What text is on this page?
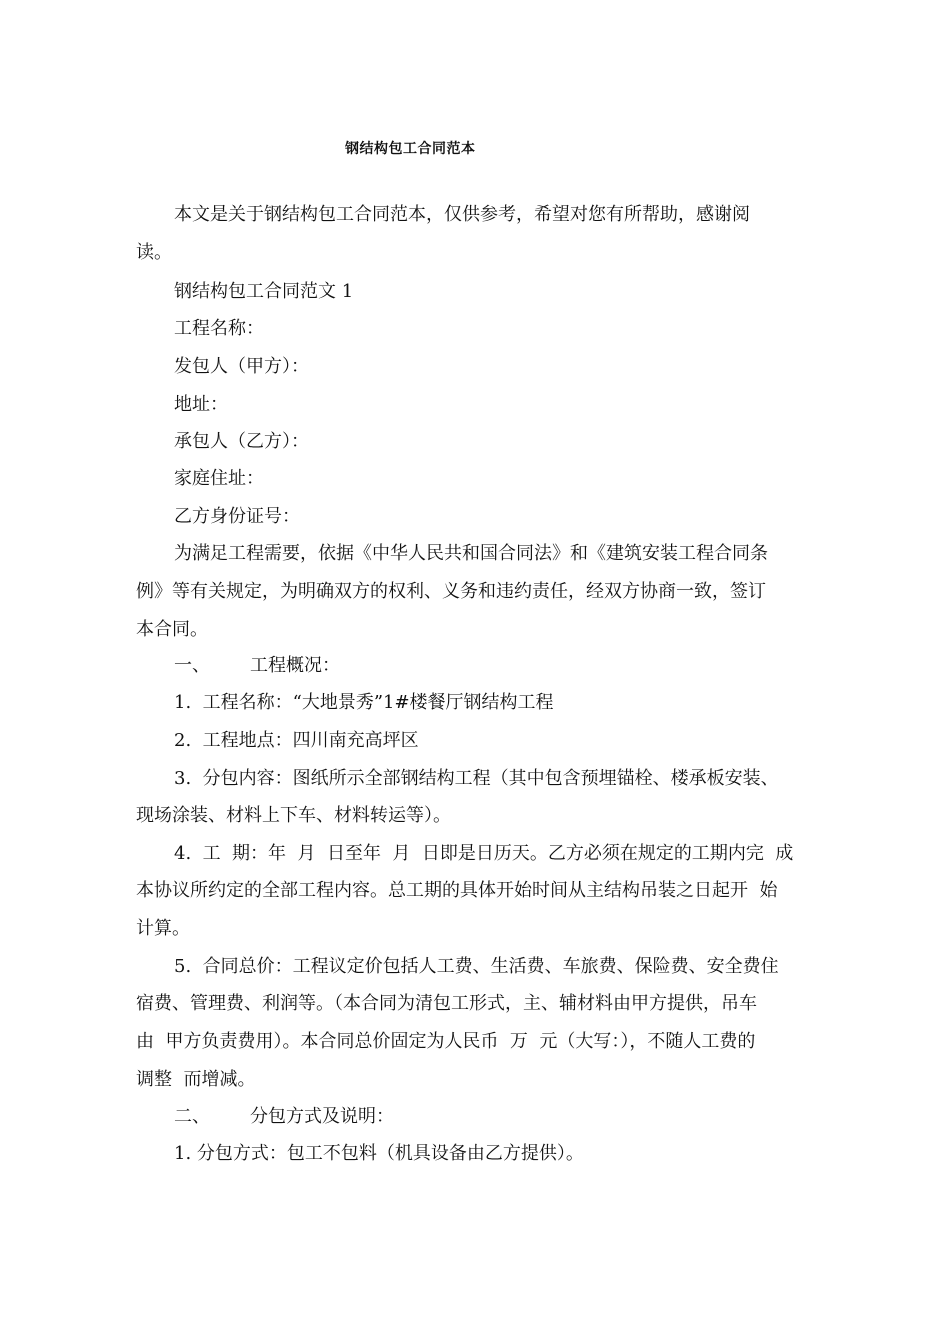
钢结构包工合同范本
本文是关于钢结构包工合同范本，仅供参考，希望对您有所帮助，感谢阅
读。
钢结构包工合同范文 1
工程名称：
发包人（甲方）：
地址：
承包人（乙方）：
家庭住址：
乙方身份证号：
为满足工程需要，依据《中华人民共和国合同法》和《建筑安装工程合同条
例》等有关规定，为明确双方的权利、义务和违约责任，经双方协商一致，签订
本合同。
一、 工程概况：
1.  工程名称：“大地景秀”1#楼餐厅钢结构工程
2.  工程地点：四川南充高坪区
3.  分包内容：图纸所示全部钢结构工程（其中包含预埋锚栓、楼承板安装、
现场涂装、材料上下车、材料转运等）。
4.  工  期：年  月  日至年  月  日即是日历天。乙方必须在规定的工期内完  成
本协议所约定的全部工程内容。总工期的具体开始时间从主结构吊装之日起开  始
计算。
5.  合同总价：工程议定价包括人工费、生活费、车旅费、保险费、安全费住
宿费、管理费、利润等。（本合同为清包工形式，主、辅材料由甲方提供，吊车
由  甲方负责费用）。本合同总价固定为人民币  万  元（大写：），不随人工费的
调整  而增减。
二、 分包方式及说明：
1. 分包方式：包工不包料（机具设备由乙方提供）。
